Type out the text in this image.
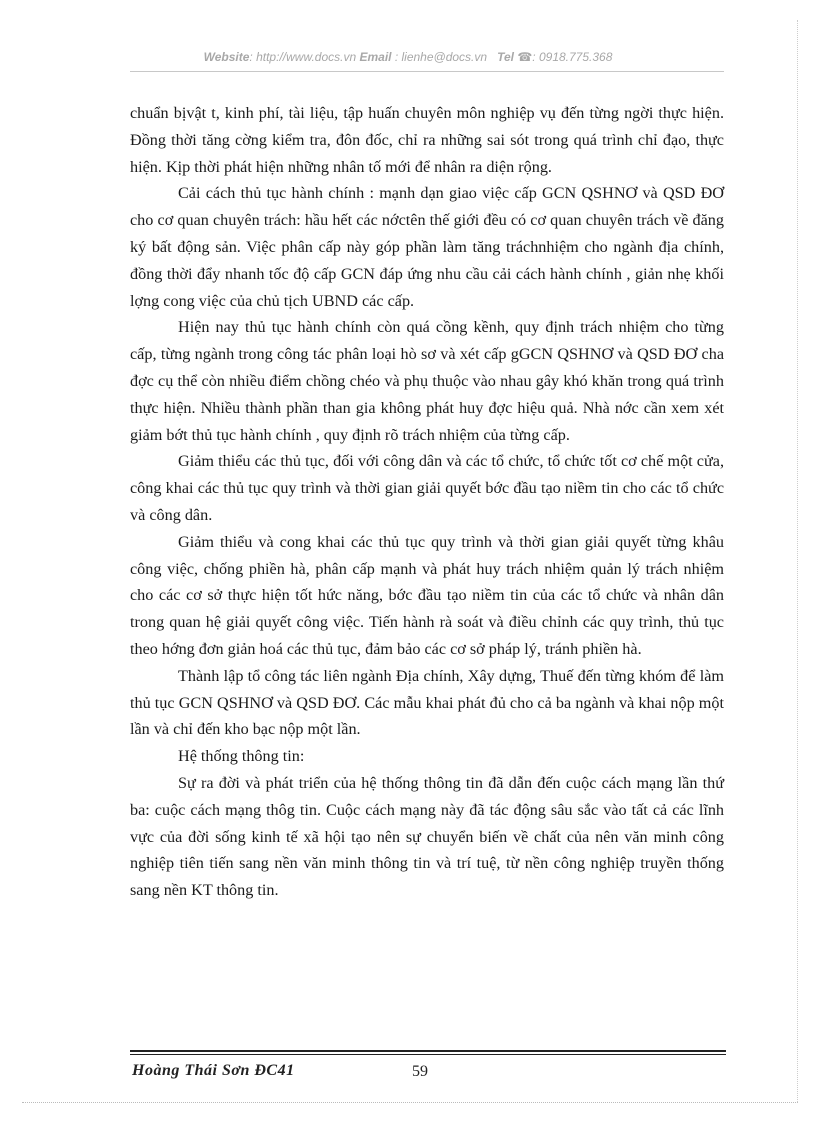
Website: http://www.docs.vn Email : lienhe@docs.vn Tel ☎: 0918.775.368

chuẩn bịvật t, kinh phí, tài liệu, tập huấn chuyên môn nghiệp vụ đến từng ngời thực hiện. Đồng thời tăng cờng kiểm tra, đôn đốc, chỉ ra những sai sót trong quá trình chỉ đạo, thực hiện. Kịp thời phát hiện những nhân tố mới để nhân ra diện rộng.

Cải cách thủ tục hành chính : mạnh dạn giao việc cấp GCN QSHNƠ và QSD ĐƠ cho cơ quan chuyên trách: hầu hết các nớctên thế giới đều có cơ quan chuyên trách về đăng ký bất động sản. Việc phân cấp này góp phần làm tăng tráchnhiệm cho ngành địa chính, đồng thời đẩy nhanh tốc độ cấp GCN đáp ứng nhu cầu cải cách hành chính , giản nhẹ khối lợng cong việc của chủ tịch UBND các cấp.

Hiện nay thủ tục hành chính còn quá cồng kềnh, quy định trách nhiệm cho từng cấp, từng ngành trong công tác phân loại hò sơ và xét cấp gGCN QSHNƠ và QSD ĐƠ cha đợc cụ thể còn nhiều điểm chồng chéo và phụ thuộc vào nhau gây khó khăn trong quá trình thực hiện. Nhiều thành phần than gia không phát huy đợc hiệu quả. Nhà nớc cần xem xét giảm bớt thủ tục hành chính , quy định rõ trách nhiệm của từng cấp.

Giảm thiểu các thủ tục, đối với công dân và các tổ chức, tổ chức tốt cơ chế một cửa, công khai các thủ tục quy trình và thời gian giải quyết bớc đầu tạo niềm tin cho các tổ chức và công dân.

Giảm thiểu và cong khai các thủ tục quy trình và thời gian giải quyết từng khâu công việc, chống phiền hà, phân cấp mạnh và phát huy trách nhiệm quản lý trách nhiệm cho các cơ sở thực hiện tốt hức năng, bớc đầu tạo niềm tin của các tổ chức và nhân dân trong quan hệ giải quyết công việc. Tiến hành rà soát và điều chỉnh các quy trình, thủ tục theo hớng đơn giản hoá các thủ tục, đảm bảo các cơ sở pháp lý, tránh phiền hà.

Thành lập tổ công tác liên ngành Địa chính, Xây dựng, Thuế đến từng khóm để làm thủ tục GCN QSHNƠ và QSD ĐƠ. Các mẫu khai phát đủ cho cả ba ngành và khai nộp một lần và chỉ đến kho bạc nộp một lần.

Hệ thống thông tin:

Sự ra đời và phát triển của hệ thống thông tin đã dẫn đến cuộc cách mạng lần thứ ba: cuộc cách mạng thôg tin. Cuộc cách mạng này đã tác động sâu sắc vào tất cả các lĩnh vực của đời sống kinh tế xã hội tạo nên sự chuyển biến về chất của nên văn minh công nghiệp tiên tiến sang nền văn minh thông tin và trí tuệ, từ nền công nghiệp truyền thống sang nền KT thông tin.

Hoàng Thái Sơn ĐC41	59
